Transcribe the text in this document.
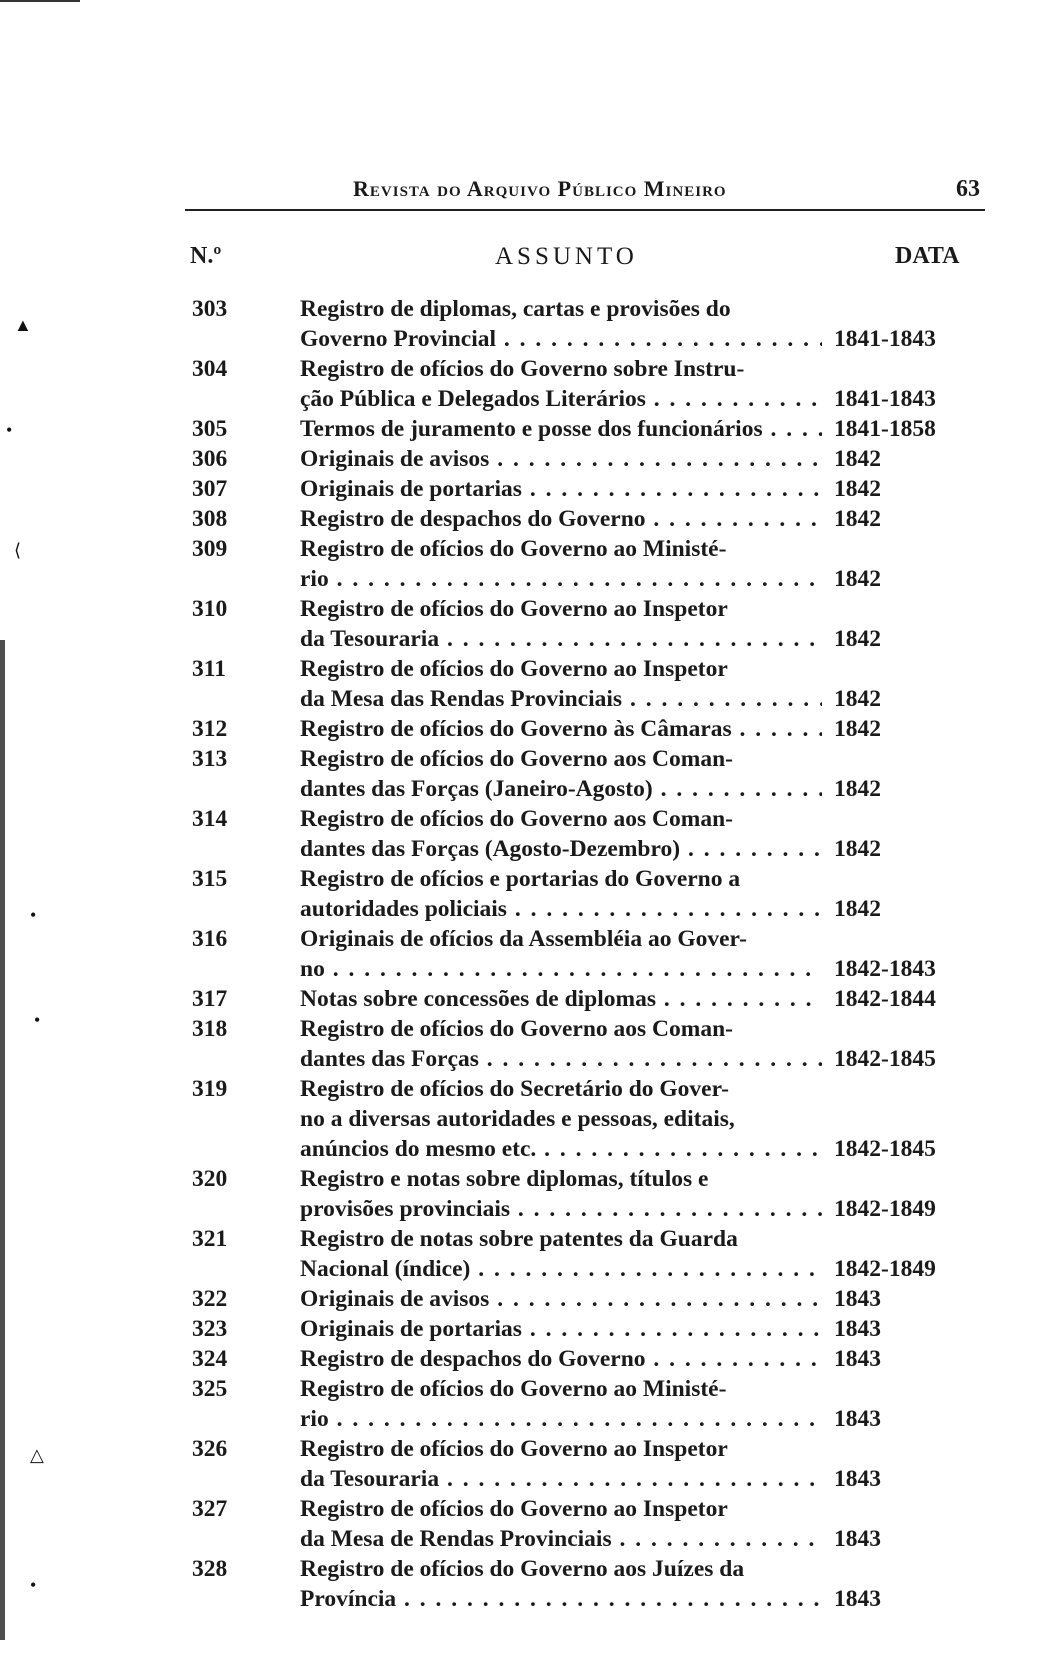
Revista do Arquivo Público Mineiro	63
N.º	ASSUNTO	DATA
303	Registro de diplomas, cartas e provisões do
Governo Provincial . . .	1841-1843
304	Registro de ofícios do Governo sobre Instru-
ção Pública e Delegados Literários . . .	1841-1843
305	Termos de juramento e posse dos funcionários . . .	1841-1858
306	Originais de avisos . . .	1842
307	Originais de portarias . . .	1842
308	Registro de despachos do Governo . . .	1842
309	Registro de ofícios do Governo ao Ministé-
rio . . .	1842
310	Registro de ofícios do Governo ao Inspetor
da Tesouraria . . .	1842
311	Registro de ofícios do Governo ao Inspetor
da Mesa das Rendas Provinciais . . .	1842
312	Registro de ofícios do Governo às Câmaras . . .	1842
313	Registro de ofícios do Governo aos Coman-
dantes das Forças (Janeiro-Agosto) . . .	1842
314	Registro de ofícios do Governo aos Coman-
dantes das Forças (Agosto-Dezembro) . . .	1842
315	Registro de ofícios e portarias do Governo a
autoridades policiais . . .	1842
316	Originais de ofícios da Assembléia ao Gover-
no . . .	1842-1843
317	Notas sobre concessões de diplomas . . .	1842-1844
318	Registro de ofícios do Governo aos Coman-
dantes das Forças . . .	1842-1845
319	Registro de ofícios do Secretário do Gover-
no a diversas autoridades e pessoas, editais,
anúncios do mesmo etc. . . .	1842-1845
320	Registro e notas sobre diplomas, títulos e
provisões provinciais . . .	1842-1849
321	Registro de notas sobre patentes da Guarda
Nacional (índice) . . .	1842-1849
322	Originais de avisos . . .	1843
323	Originais de portarias . . .	1843
324	Registro de despachos do Governo . . .	1843
325	Registro de ofícios do Governo ao Ministé-
rio . . .	1843
326	Registro de ofícios do Governo ao Inspetor
da Tesouraria . . .	1843
327	Registro de ofícios do Governo ao Inspetor
da Mesa de Rendas Provinciais . . .	1843
328	Registro de ofícios do Governo aos Juízes da
Província . . .	1843
▲
•
⟨
•
•
△
•
